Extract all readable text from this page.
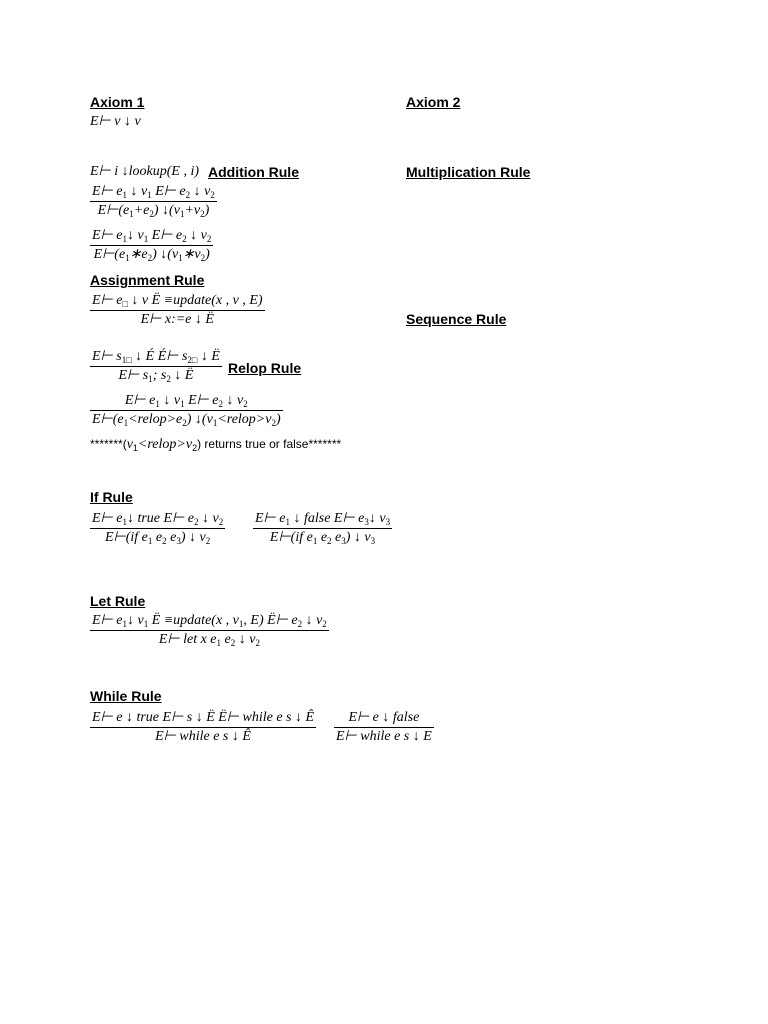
Axiom 1
E⊢ v ↓ v
Axiom 2
E⊢ i ↓lookup(E , i) Addition Rule
$\frac{E⊢ e_1 ↓ v_1 E⊢ e_2 ↓ v_2}{E⊢(e_1+e_2) ↓(v_1+v_2)}$
Multiplication Rule
$\frac{E⊢ e_1↓ v_1 E⊢ e_2 ↓ v_2}{E⊢(e_1∗e_2) ↓(v_1∗v_2)}$
Assignment Rule
E⊢ $e_□$ ↓ v Ë ≡update(x , v , E)
E⊢ x:=e ↓ Ë	Sequence Rule
$\frac{E⊢ s_{1□} ↓ É É⊢ s_{2□} ↓ Ë}{E⊢ s_1; s_2 ↓ Ë}$ Relop Rule
E⊢ $e_1$ ↓ $v_1$ E⊢ $e_2$ ↓ $v_2$
$E⊢(e_1<relop>e_2)$ $↓(v_1<relop>v_2)$
$*******(v_1<relop>v_2)$ returns true or false*******
If Rule
E⊢ $e_1↓$ true E⊢ $e_2$ ↓ $v_2$
E⊢(if $e_1$ $e_2$ $e_3$) ↓ $v_2$
E⊢ $e_1$ ↓ false E⊢ $e_3↓$ $v_3$
E⊢(if $e_1$ $e_2$ $e_3$) ↓ $v_3$
Let Rule
E⊢ $e_1↓$ $v_1$ Ë ≡update(x , $v_1$, E) Ë⊢ $e_2$ ↓ $v_2$
E⊢ let x $e_1$ $e_2$ ↓ $v_2$
While Rule
E⊢ e ↓ true E⊢ s ↓ Ë Ë⊢ while e s ↓ Ê
E⊢ while e s ↓ Ê
E⊢ e ↓ false
E⊢ while e s ↓ E
